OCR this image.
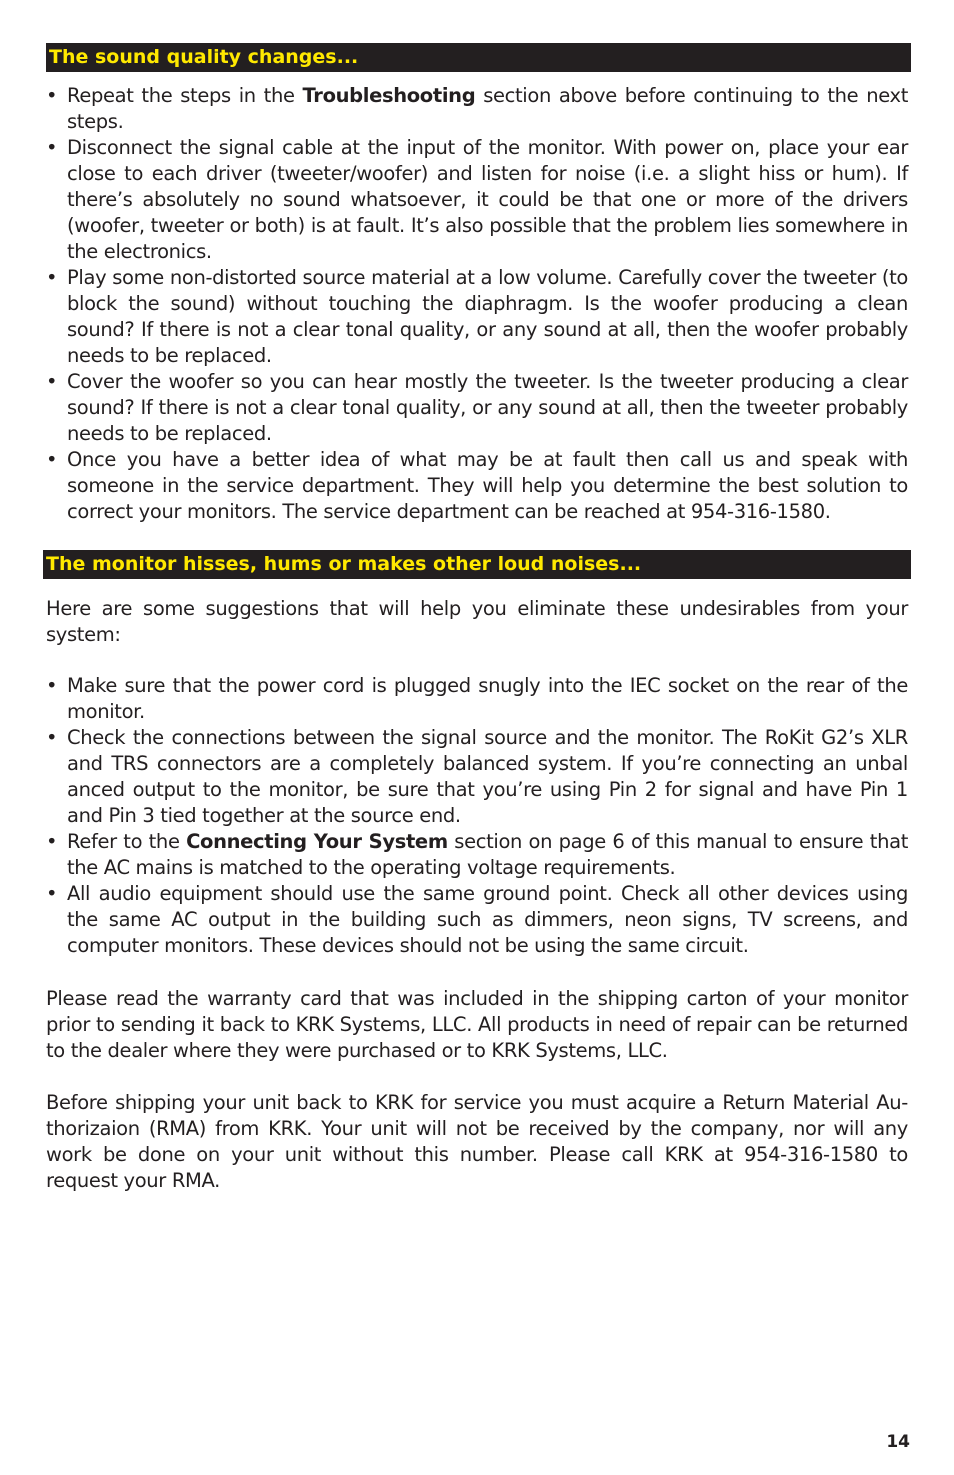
The sound quality changes...
• Repeat the steps in the Troubleshooting section above before continuing to the next steps.
• Disconnect the signal cable at the input of the monitor. With power on, place your ear close to each driver (tweeter/woofer) and listen for noise (i.e. a slight hiss or hum). If there’s absolutely no sound whatsoever, it could be that one or more of the drivers (woofer, tweeter or both) is at fault. It’s also possible that the problem lies somewhere in the electronics.
• Play some non-distorted source material at a low volume. Carefully cover the tweeter (to block the sound) without touching the diaphragm. Is the woofer producing a clean sound? If there is not a clear tonal quality, or any sound at all, then the woofer probably needs to be replaced.
• Cover the woofer so you can hear mostly the tweeter. Is the tweeter producing a clear sound? If there is not a clear tonal quality, or any sound at all, then the tweeter probably needs to be replaced.
• Once you have a better idea of what may be at fault then call us and speak with someone in the service department. They will help you determine the best solution to correct your monitors. The service department can be reached at 954-316-1580.
The monitor hisses, hums or makes other loud noises...

Here are some suggestions that will help you eliminate these undesirables from your system:

• Make sure that the power cord is plugged snugly into the IEC socket on the rear of the monitor.
• Check the connections between the signal source and the monitor. The RoKit G2’s XLR and TRS connectors are a completely balanced system. If you’re connecting an unbal anced output to the monitor, be sure that you’re using Pin 2 for signal and have Pin 1 and Pin 3 tied together at the source end.
• Refer to the Connecting Your System section on page 6 of this manual to ensure that the AC mains is matched to the operating voltage requirements.
• All audio equipment should use the same ground point. Check all other devices using the same AC output in the building such as dimmers, neon signs, TV screens, and computer monitors. These devices should not be using the same circuit.

Please read the warranty card that was included in the shipping carton of your monitor prior to sending it back to KRK Systems, LLC. All products in need of repair can be returned to the dealer where they were purchased or to KRK Systems, LLC.

Before shipping your unit back to KRK for service you must acquire a Return Material Au-thorizaion (RMA) from KRK. Your unit will not be received by the company, nor will any work be done on your unit without this number. Please call KRK at 954-316-1580 to request your RMA.

14
